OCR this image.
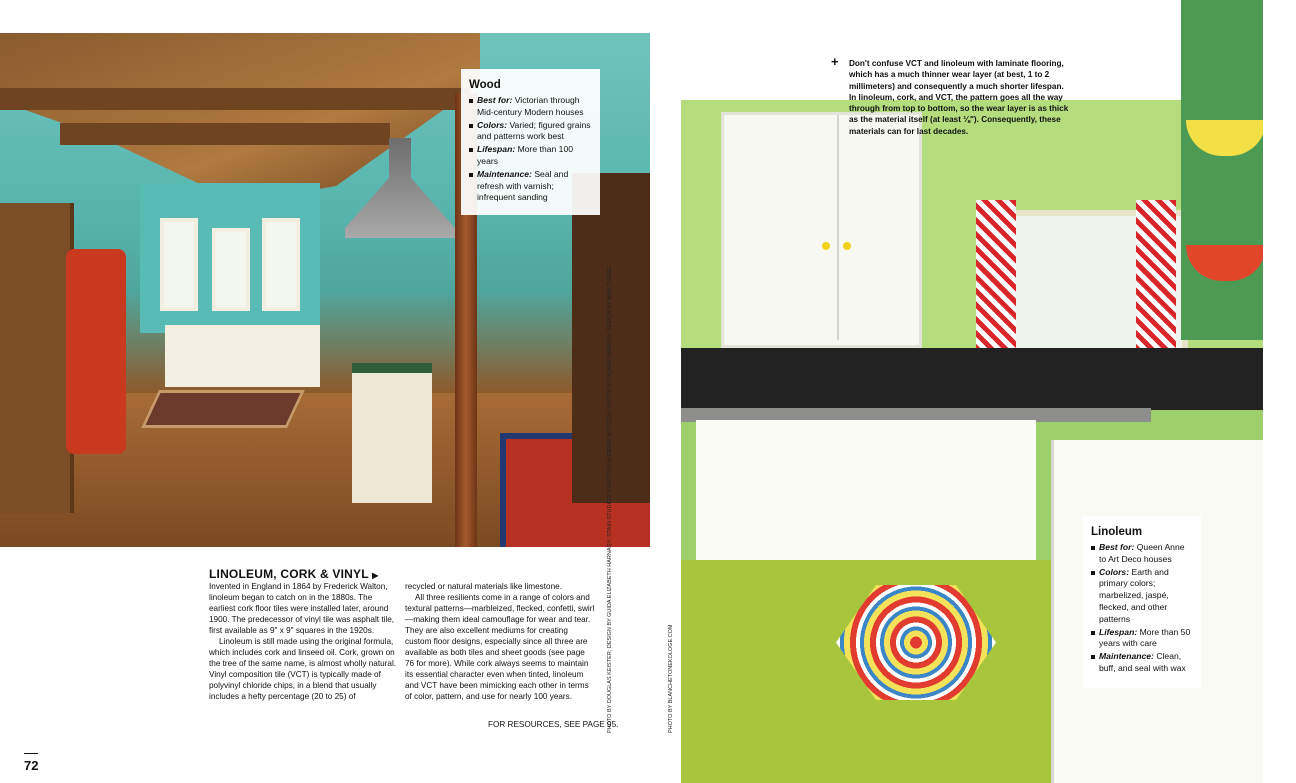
Wood
Best for: Victorian through Mid-century Modern houses
Colors: Varied; figured grains and patterns work best
Lifespan: More than 100 years
Maintenance: Seal and refresh with varnish; infrequent sanding
LINOLEUM, CORK & VINYL ▶

Invented in England in 1864 by Frederick Walton, linoleum began to catch on in the 1880s. The earliest cork floor tiles were installed later, around 1900. The predecessor of vinyl tile was asphalt tile, first available as 9" x 9" squares in the 1920s.

Linoleum is still made using the original formula, which includes cork and linseed oil. Cork, grown on the tree of the same name, is almost wholly natural. Vinyl composition tile (VCT) is typically made of polyvinyl chloride chips, in a blend that usually includes a hefty percentage (20 to 25) of

recycled or natural materials like limestone.

All three resilients come in a range of colors and textural patterns—marbleized, flecked, confetti, swirl—making them ideal camouflage for wear and tear. They are also excellent mediums for creating custom floor designs, especially since all three are available as both tiles and sheet goods (see page 76 for more). While cork always seems to maintain its essential character even when tinted, linoleum and VCT have been mimicking each other in terms of color, pattern, and use for nearly 100 years.

FOR RESOURCES, SEE PAGE 95.
PHOTO BY DOUGLAS KEISTER; DESIGN BY GUIDA ELIZABETH HARNAGY; STAIN STUDIOS; PHOTO BY ANDREW WYSOCKI; PHOTO BY BLAINE BRADYA; DESIGN BY MIMI CHENG	PHOTO BY BLANCHETONEKOLOGE.COM
72
+ Don't confuse VCT and linoleum with laminate flooring, which has a much thinner wear layer (at best, 1 to 2 millimeters) and consequently a much shorter lifespan. In linoleum, cork, and VCT, the pattern goes all the way through from top to bottom, so the wear layer is as thick as the material itself (at least ⅛"). Consequently, these materials can for last decades.
Linoleum
Best for: Queen Anne to Art Deco houses
Colors: Earth and primary colors; marbelized, jaspé, flecked, and other patterns
Lifespan: More than 50 years with care
Maintenance: Clean, buff, and seal with wax
